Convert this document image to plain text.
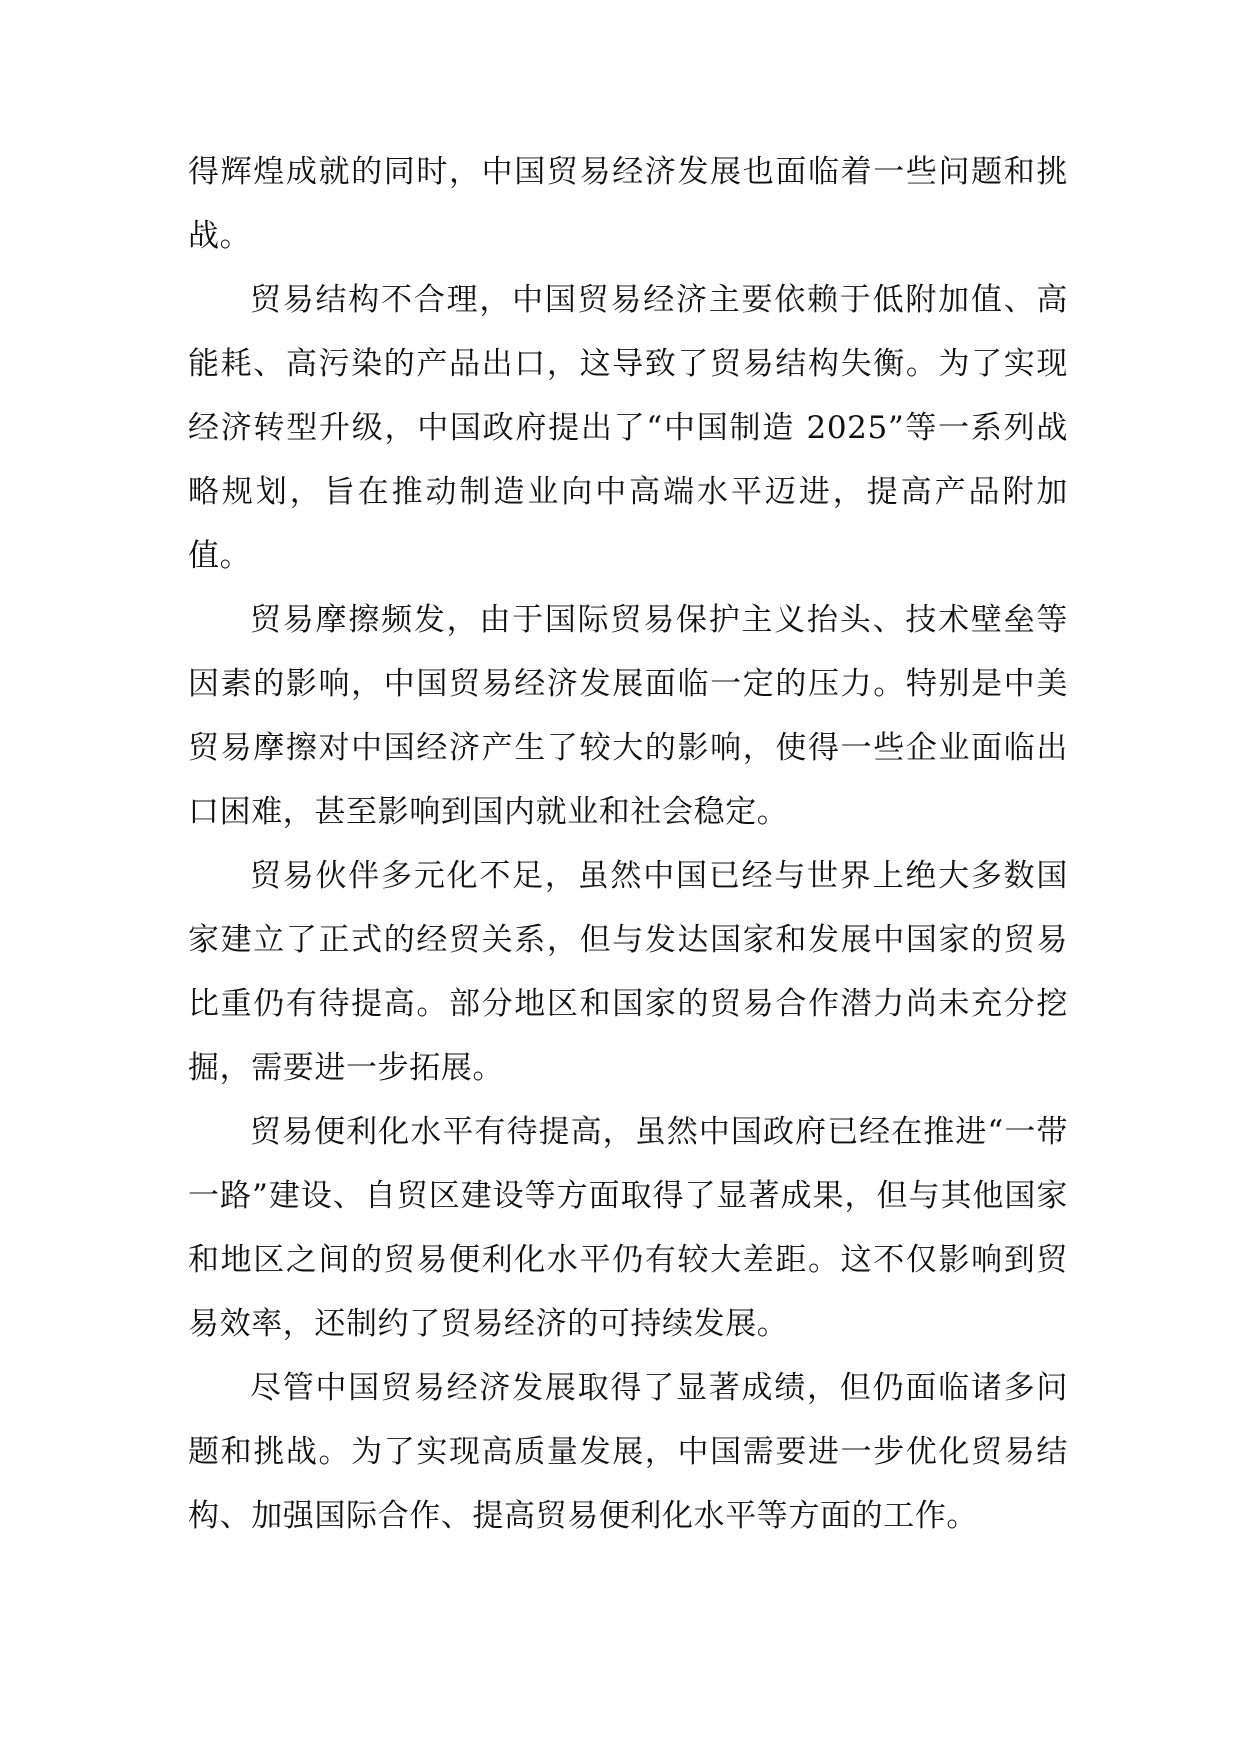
得辉煌成就的同时，中国贸易经济发展也面临着一些问题和挑战。

贸易结构不合理，中国贸易经济主要依赖于低附加值、高能耗、高污染的产品出口，这导致了贸易结构失衡。为了实现经济转型升级，中国政府提出了“中国制造 2025”等一系列战略规划，旨在推动制造业向中高端水平迈进，提高产品附加值。

贸易摩擦频发，由于国际贸易保护主义抬头、技术壁垒等因素的影响，中国贸易经济发展面临一定的压力。特别是中美贸易摩擦对中国经济产生了较大的影响，使得一些企业面临出口困难，甚至影响到国内就业和社会稳定。

贸易伙伴多元化不足，虽然中国已经与世界上绝大多数国家建立了正式的经贸关系，但与发达国家和发展中国家的贸易比重仍有待提高。部分地区和国家的贸易合作潜力尚未充分挖掘，需要进一步拓展。

贸易便利化水平有待提高，虽然中国政府已经在推进“一带一路”建设、自贸区建设等方面取得了显著成果，但与其他国家和地区之间的贸易便利化水平仍有较大差距。这不仅影响到贸易效率，还制约了贸易经济的可持续发展。

尽管中国贸易经济发展取得了显著成绩，但仍面临诸多问题和挑战。为了实现高质量发展，中国需要进一步优化贸易结构、加强国际合作、提高贸易便利化水平等方面的工作。
